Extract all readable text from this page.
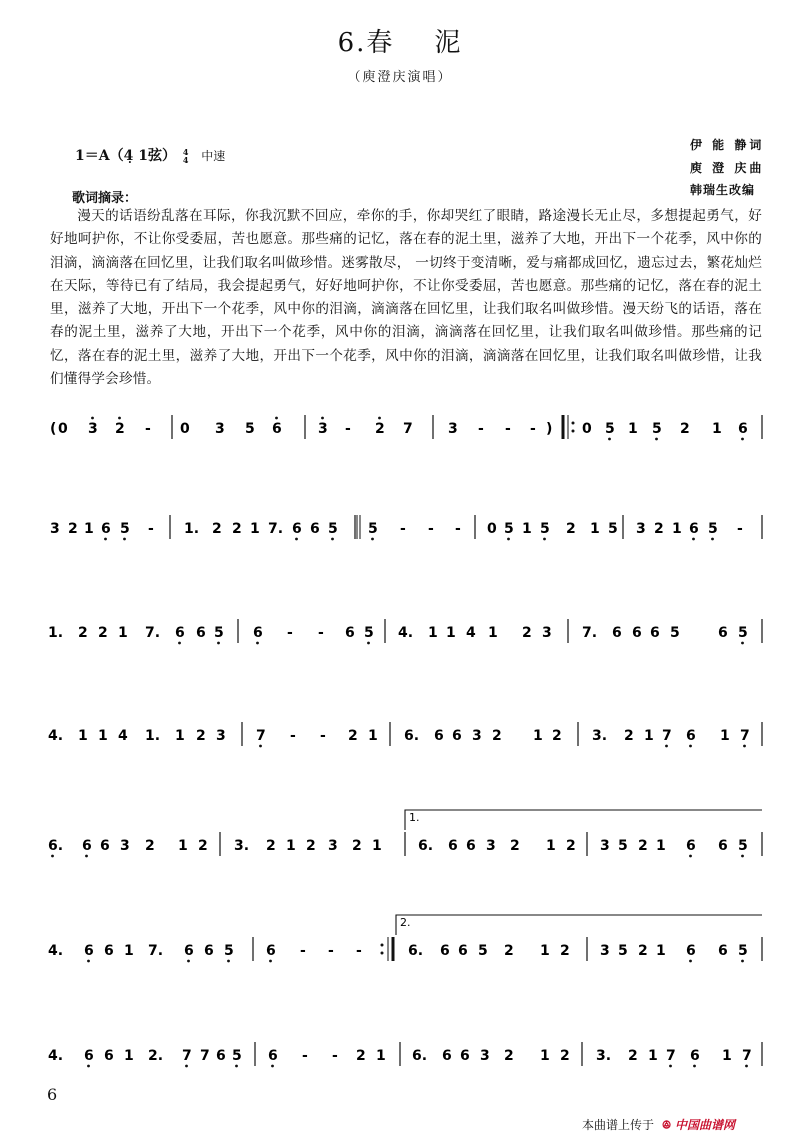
6.春 泥
（庾澄庆演唱）
1＝A（4̣ 1弦） 4
4 中速
伊 能 静词
庾 澄 庆曲
韩瑞生改编
歌词摘录：
漫天的话语纷乱落在耳际，你我沉默不回应，牵你的手，你却哭红了眼睛，路途漫长无止尽，多想提起勇气，好好地呵护你，不让你受委屈，苦也愿意。那些痛的记忆，落在春的泥土里，滋养了大地，开出下一个花季，风中你的泪滴，滴滴落在回忆里，让我们取名叫做珍惜。迷雾散尽， 一切终于变清晰，爱与痛都成回忆，遗忘过去，繁花灿烂在天际，等待已有了结局，我会提起勇气，好好地呵护你，不让你受委屈，苦也愿意。那些痛的记忆，落在春的泥土里，滋养了大地，开出下一个花季，风中你的泪滴，滴滴落在回忆里，让我们取名叫做珍惜。漫天纷飞的话语，落在春的泥土里，滋养了大地，开出下一个花季，风中你的泪滴，滴滴落在回忆里，让我们取名叫做珍惜。那些痛的记忆，落在春的泥土里，滋养了大地，开出下一个花季，风中你的泪滴，滴滴落在回忆里，让我们取名叫做珍惜，让我们懂得学会珍惜。
( 0 3 2 - 0 3 5 6	3 - 2 7	3 - - - ) 0 5 1 5 2 1 6
3 2 1 6 5 - 1. 2 2 1 7. 6 6 5 5 - - - 0 5 1 5 2 1 5 3 2 1 6 5 -
1. 2 2 1 7. 6 6 5 6 - - 6 5 4. 1 1 4 1 2 3 7. 6 6 6 5	6 5
4. 1 1 4 1. 1 2 3 7 - - 2 1 6. 6 6 3 2 1 2 3. 2 1 7 6 1 7
6. 6 6 3 2 1 2 3. 2 1 2 3 2 1	6. 6 6 3 2 1 2 3 5 2 1 6 6 5
4. 6 6 1 7. 6 6 5 6 - - -	6. 6 6 5 2 1 2 3 5 2 1 6 6 5
4. 6 6 1 2. 7 7 6 5 6 - - 2 1 6. 6 6 3 2 1 2 3. 2 1 7 6 1 7
1.
2.
6
本曲谱上传于 ꔮ 中国曲谱网
